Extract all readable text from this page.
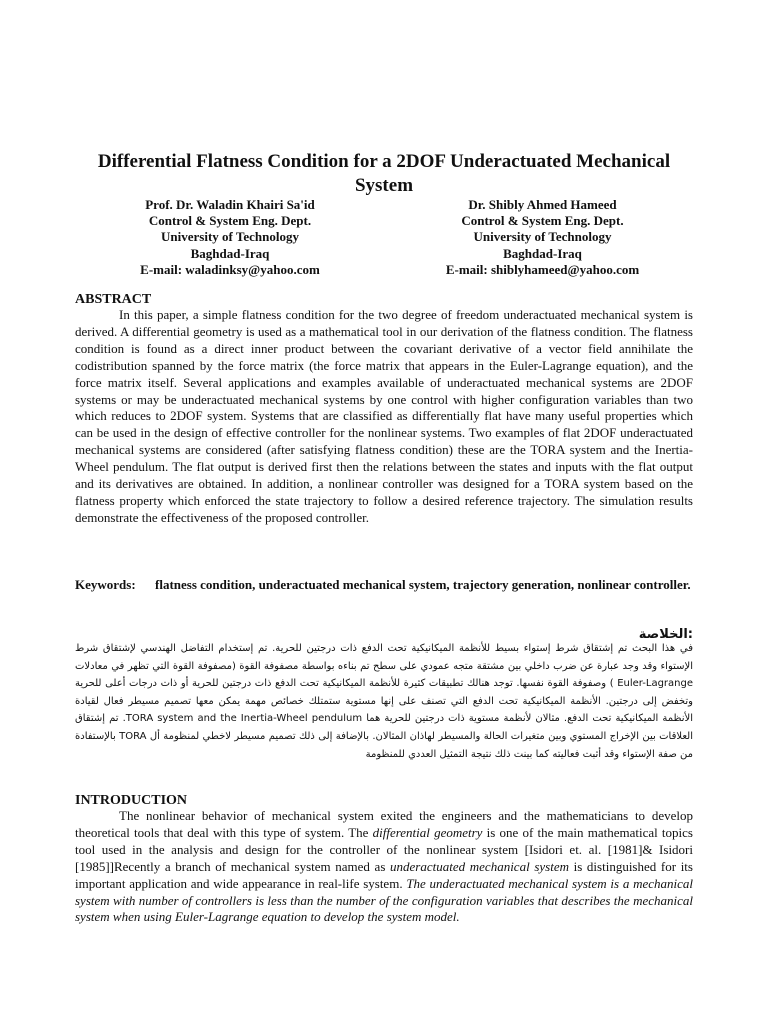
Differential Flatness Condition for a 2DOF Underactuated Mechanical System
Prof. Dr. Waladin Khairi Sa'id
Control & System Eng. Dept.
University of Technology
Baghdad-Iraq
E-mail: waladinksy@yahoo.com
Dr. Shibly Ahmed Hameed
Control & System Eng. Dept.
University of Technology
Baghdad-Iraq
E-mail: shiblyhameed@yahoo.com
ABSTRACT

In this paper, a simple flatness condition for the two degree of freedom underactuated mechanical system is derived. A differential geometry is used as a mathematical tool in our derivation of the flatness condition. The flatness condition is found as a direct inner product between the covariant derivative of a vector field annihilate the codistribution spanned by the force matrix (the force matrix that appears in the Euler-Lagrange equation), and the force matrix itself. Several applications and examples available of underactuated mechanical systems are 2DOF systems or may be underactuated mechanical systems by one control with higher configuration variables than two which reduces to 2DOF system. Systems that are classified as differentially flat have many useful properties which can be used in the design of effective controller for the nonlinear systems. Two examples of flat 2DOF underactuated mechanical systems are considered (after satisfying flatness condition) these are the TORA system and the Inertia-Wheel pendulum. The flat output is derived first then the relations between the states and inputs with the flat output and its derivatives are obtained. In addition, a nonlinear controller was designed for a TORA system based on the flatness property which enforced the state trajectory to follow a desired reference trajectory. The simulation results demonstrate the effectiveness of the proposed controller.

Keywords:	flatness condition, underactuated mechanical system, trajectory generation, nonlinear controller.
الخلاصة:

في هذا البحث تم إشتقاق شرط إستواء بسيط للأنظمة الميكانيكية تحت الدفع ذات درجتين للحرية. تم إستخدام التفاضل الهندسي لإشتقاق شرط الإستواء وقد وجد عبارة عن ضرب داخلي بين مشتقة متجه عمودي على سطح تم بناءه بواسطة مصفوفة القوة (مصفوفة القوة التي تظهر في معادلات Euler-Lagrange ) وصفوفة القوة نفسها. توجد هنالك تطبيقات كثيرة للأنظمة الميكانيكية تحت الدفع ذات درجتين للحرية أو ذات درجات أعلى للحرية وتخفض إلى درجتين. الأنظمة الميكانيكية تحت الدفع التي تصنف على إنها مستوية ستمتلك خصائص مهمة يمكن معها تصميم مسيطر فعال لقيادة الأنظمة الميكانيكية تحت الدفع. مثالان لأنظمة مستوية ذات درجتين للحرية هما TORA system and the Inertia-Wheel pendulum. تم إشتقاق العلاقات بين الإخراج المستوي وبين متغيرات الحالة والمسيطر لهاذان المثالان. بالإضافة إلى ذلك تصميم مسيطر لاخطي لمنظومة أل TORA بالإستفادة من صفة الإستواء وقد أثبت فعاليته كما بينت ذلك نتيجة التمثيل العددي للمنظومة

INTRODUCTION

The nonlinear behavior of mechanical system exited the engineers and the mathematicians to develop theoretical tools that deal with this type of system. The differential geometry is one of the main mathematical topics tool used in the analysis and design for the controller of the nonlinear system [Isidori et. al. [1981]& Isidori [1985]]Recently a branch of mechanical system named as underactuated mechanical system is distinguished for its important application and wide appearance in real-life system. The underactuated mechanical system is a mechanical system with number of controllers is less than the number of the configuration variables that describes the mechanical system when using Euler-Lagrange equation to develop the system model.
